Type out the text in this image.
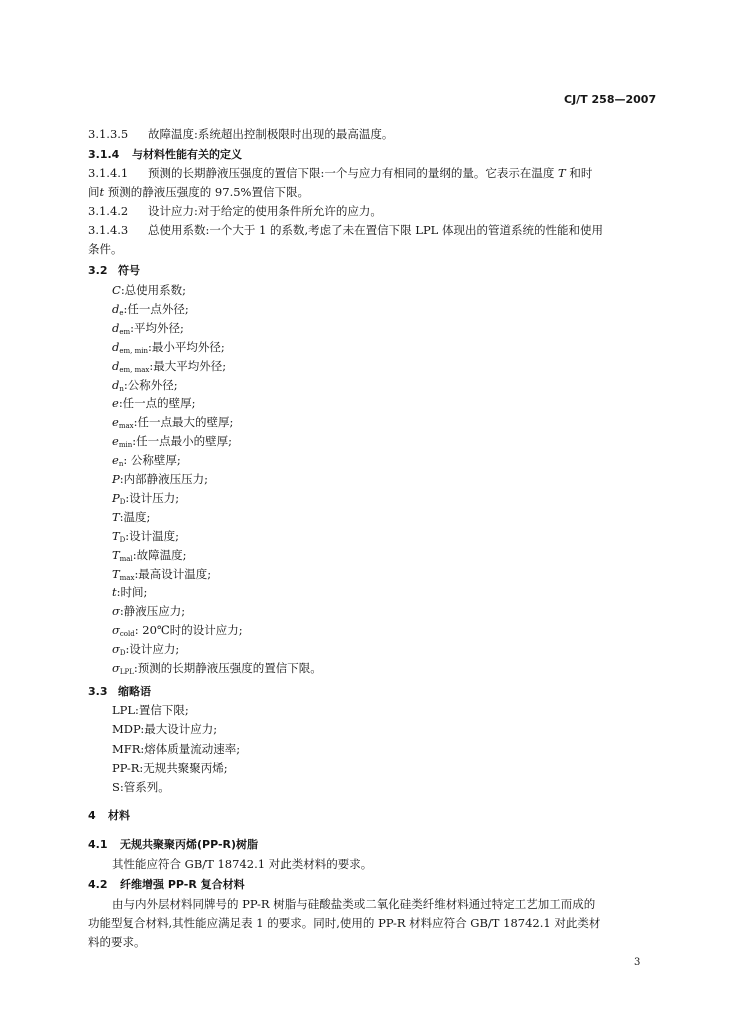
CJ/T 258—2007
3.1.3.5 故障温度:系统超出控制极限时出现的最高温度。
3.1.4 与材料性能有关的定义
3.1.4.1 预测的长期静液压强度的置信下限:一个与应力有相同的量纲的量。它表示在温度 T 和时
间t 预测的静液压强度的 97.5%置信下限。
3.1.4.2 设计应力:对于给定的使用条件所允许的应力。
3.1.4.3 总使用系数:一个大于 1 的系数,考虑了未在置信下限 LPL 体现出的管道系统的性能和使用
条件。
3.2 符号
C:总使用系数;
$d_e$:任一点外径;
$d_{em}$:平均外径;
$d_{em, min}$:最小平均外径;
$d_{em, max}$:最大平均外径;
$d_n$:公称外径;
e:任一点的壁厚;
$e_{max}$:任一点最大的壁厚;
$e_{min}$:任一点最小的壁厚;
$e_n$: 公称壁厚;
P:内部静液压压力;
$P_D$:设计压力;
T:温度;
$T_D$:设计温度;
$T_{mal}$:故障温度;
$T_{max}$:最高设计温度;
t:时间;
σ:静液压应力;
$\sigma_{cold}$: 20℃时的设计应力;
$\sigma_D$:设计应力;
$\sigma_{LPL}$:预测的长期静液压强度的置信下限。
3.3 缩略语
LPL:置信下限;
MDP:最大设计应力;
MFR:熔体质量流动速率;
PP-R:无规共聚聚丙烯;
S:管系列。
4 材料
4.1 无规共聚聚丙烯(PP-R)树脂
其性能应符合 GB/T 18742.1 对此类材料的要求。
4.2 纤维增强 PP-R 复合材料
由与内外层材料同牌号的 PP-R 树脂与硅酸盐类或二氧化硅类纤维材料通过特定工艺加工而成的
功能型复合材料,其性能应满足表 1 的要求。同时,使用的 PP-R 材料应符合 GB/T 18742.1 对此类材
料的要求。
3
